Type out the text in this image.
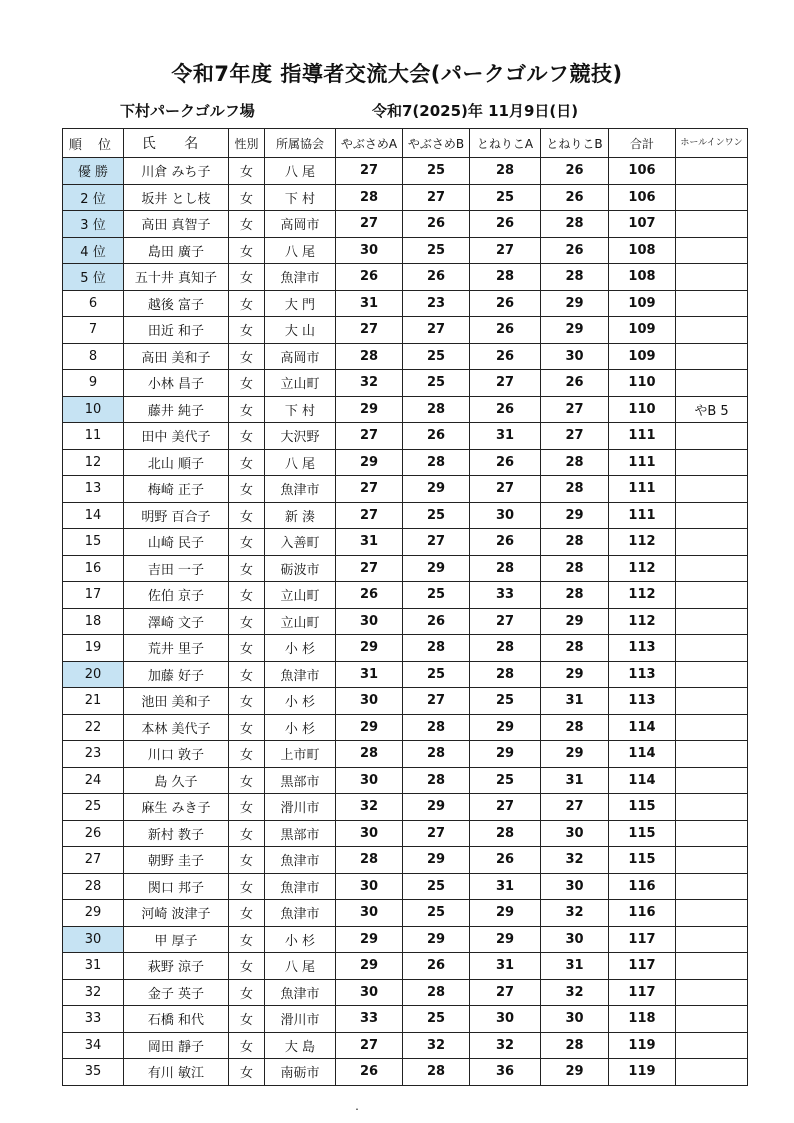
令和7年度 指導者交流大会(パークゴルフ競技)
下村パークゴルフ場	令和7(2025)年 11月9日(日)
順 位	氏 名	性別	所属協会	やぶさめA	やぶさめB	とねりこA	とねりこB	合計	ホールインワン
優 勝	川倉 みち子	女	八 尾	27	25	28	26	106	
2 位	坂井 とし枝	女	下 村	28	27	25	26	106	
3 位	高田 真智子	女	高岡市	27	26	26	28	107	
4 位	島田 廣子	女	八 尾	30	25	27	26	108	
5 位	五十井 真知子	女	魚津市	26	26	28	28	108	
6	越後 富子	女	大 門	31	23	26	29	109	
7	田近 和子	女	大 山	27	27	26	29	109	
8	高田 美和子	女	高岡市	28	25	26	30	109	
9	小林 昌子	女	立山町	32	25	27	26	110	
10	藤井 純子	女	下 村	29	28	26	27	110	やB 5
11	田中 美代子	女	大沢野	27	26	31	27	111	
12	北山 順子	女	八 尾	29	28	26	28	111	
13	梅崎 正子	女	魚津市	27	29	27	28	111	
14	明野 百合子	女	新 湊	27	25	30	29	111	
15	山崎 民子	女	入善町	31	27	26	28	112	
16	吉田 一子	女	砺波市	27	29	28	28	112	
17	佐伯 京子	女	立山町	26	25	33	28	112	
18	澤崎 文子	女	立山町	30	26	27	29	112	
19	荒井 里子	女	小 杉	29	28	28	28	113	
20	加藤 好子	女	魚津市	31	25	28	29	113	
21	池田 美和子	女	小 杉	30	27	25	31	113	
22	本林 美代子	女	小 杉	29	28	29	28	114	
23	川口 敦子	女	上市町	28	28	29	29	114	
24	島 久子	女	黒部市	30	28	25	31	114	
25	麻生 みき子	女	滑川市	32	29	27	27	115	
26	新村 教子	女	黒部市	30	27	28	30	115	
27	朝野 圭子	女	魚津市	28	29	26	32	115	
28	関口 邦子	女	魚津市	30	25	31	30	116	
29	河崎 波津子	女	魚津市	30	25	29	32	116	
30	甲 厚子	女	小 杉	29	29	29	30	117	
31	萩野 涼子	女	八 尾	29	26	31	31	117	
32	金子 英子	女	魚津市	30	28	27	32	117	
33	石橋 和代	女	滑川市	33	25	30	30	118	
34	岡田 靜子	女	大 島	27	32	32	28	119	
35	有川 敏江	女	南砺市	26	28	36	29	119	
・
